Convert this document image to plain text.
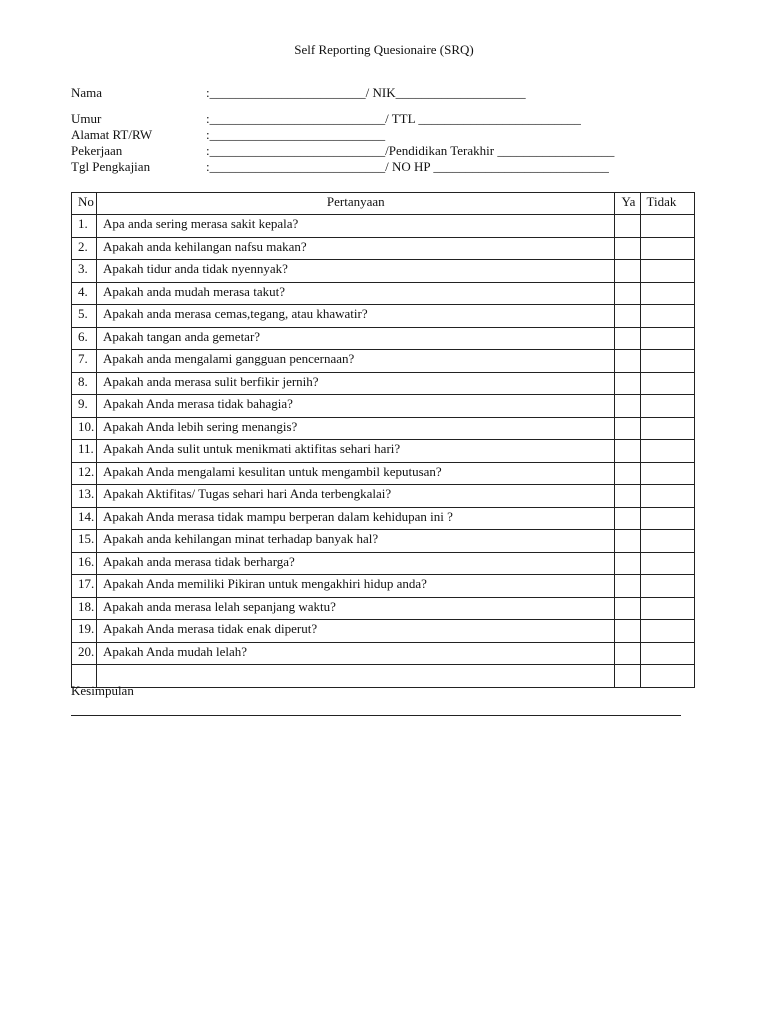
Self Reporting Quesionaire (SRQ)
Nama	:________________________/ NIK____________________
Umur	:___________________________/ TTL _________________________
Alamat RT/RW	:___________________________
Pekerjaan	:___________________________/Pendidikan Terakhir __________________
Tgl Pengkajian	:___________________________/ NO HP ___________________________
No	Pertanyaan	Ya	Tidak
1.	Apa anda sering merasa sakit kepala?		
2.	Apakah anda kehilangan nafsu makan?		
3.	Apakah tidur anda tidak nyennyak?		
4.	Apakah anda mudah merasa takut?		
5.	Apakah anda merasa cemas,tegang, atau khawatir?		
6.	Apakah tangan anda gemetar?		
7.	Apakah anda mengalami gangguan pencernaan?		
8.	Apakah anda merasa sulit berfikir jernih?		
9.	Apakah Anda merasa tidak bahagia?		
10.	Apakah Anda lebih sering menangis?		
11.	Apakah Anda sulit untuk menikmati aktifitas sehari hari?		
12.	Apakah Anda mengalami kesulitan untuk mengambil keputusan?		
13.	Apakah Aktifitas/ Tugas sehari hari Anda terbengkalai?		
14.	Apakah Anda merasa tidak mampu berperan dalam kehidupan ini ?		
15.	Apakah anda kehilangan minat terhadap banyak hal?		
16.	Apakah anda merasa tidak berharga?		
17.	Apakah Anda memiliki Pikiran untuk mengakhiri hidup anda?		
18.	Apakah anda merasa lelah sepanjang waktu?		
19.	Apakah Anda merasa tidak enak diperut?		
20.	Apakah Anda mudah lelah?		

Kesimpulan
